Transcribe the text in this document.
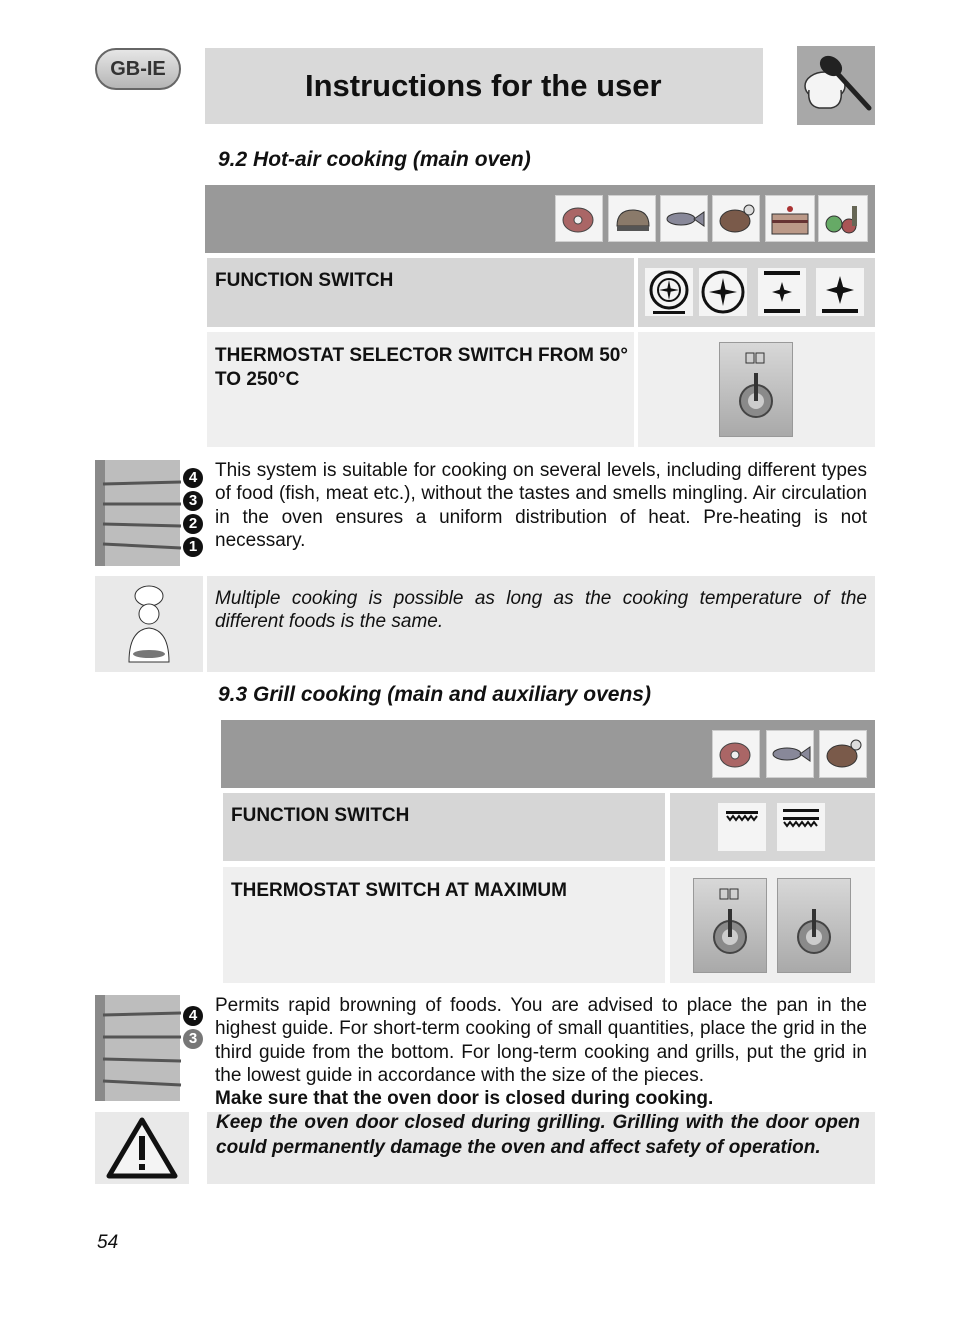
GB-IE	Instructions for the user
9.2 Hot-air cooking (main oven)
FUNCTION SWITCH
THERMOSTAT SELECTOR SWITCH FROM 50° TO 250°C
4
3
2
1
This system is suitable for cooking on several levels, including different types of food (fish, meat etc.), without the tastes and smells mingling. Air circulation in the oven ensures a uniform distribution of heat. Pre-heating is not necessary.
Multiple cooking is possible as long as the cooking temperature of the different foods is the same.
9.3 Grill cooking (main and auxiliary ovens)
FUNCTION SWITCH
THERMOSTAT SWITCH AT MAXIMUM
4
3
Permits rapid browning of foods. You are advised to place the pan in the highest guide. For short-term cooking of small quantities, place the grid in the third guide from the bottom. For long-term cooking and grills, put the grid in the lowest guide in accordance with the size of the pieces.
Make sure that the oven door is closed during cooking.
Keep the oven door closed during grilling. Grilling with the door open could permanently damage the oven and affect safety of operation.
54
